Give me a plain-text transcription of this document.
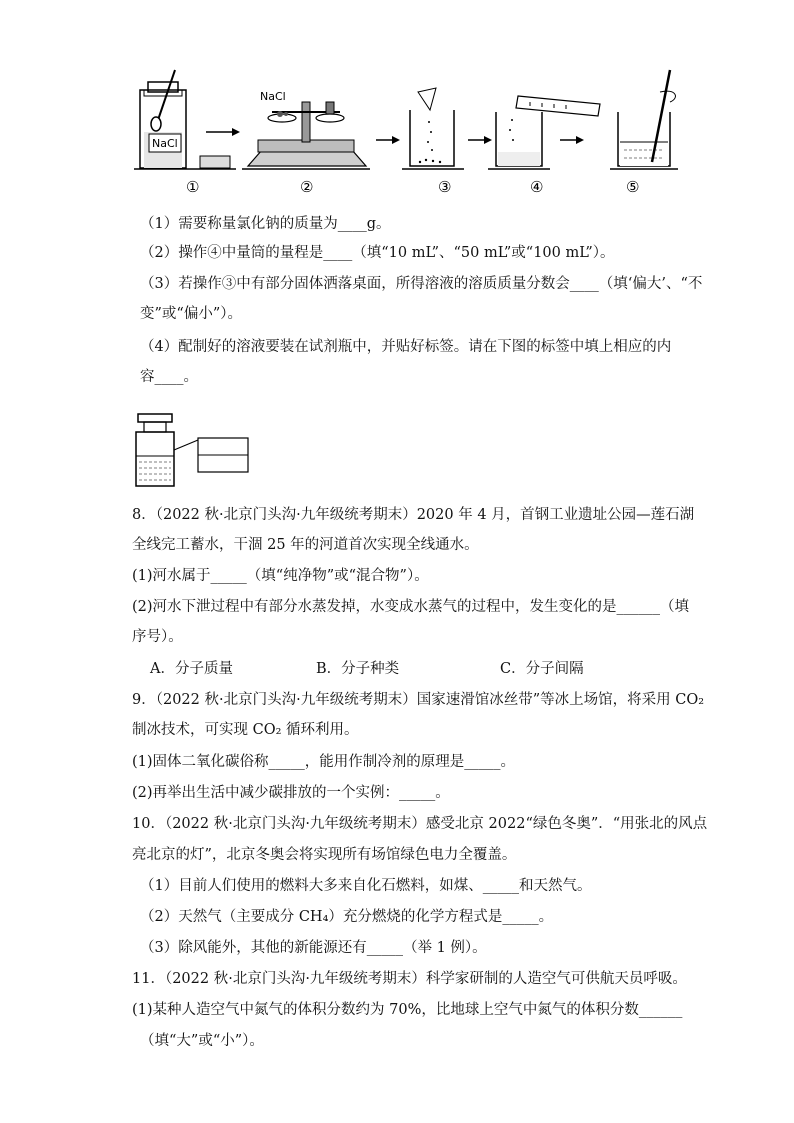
NaCl
NaCl
①	②	③	④	⑤
（1）需要称量氯化钠的质量为____g。
（2）操作④中量筒的量程是____（填“10 mL”、“50 mL”或“100 mL”）。
（3）若操作③中有部分固体洒落桌面，所得溶液的溶质质量分数会____（填‘偏大’、“不
变”或“偏小”）。
（4）配制好的溶液要装在试剂瓶中，并贴好标签。请在下图的标签中填上相应的内
容____。
8．（2022 秋·北京门头沟·九年级统考期末）2020 年 4 月，首钢工业遗址公园—莲石湖
全线完工蓄水，干涸 25 年的河道首次实现全线通水。
(1)河水属于_____（填“纯净物”或“混合物”）。
(2)河水下泄过程中有部分水蒸发掉，水变成水蒸气的过程中，发生变化的是______（填
序号）。
A．分子质量	B．分子种类	C．分子间隔
9．（2022 秋·北京门头沟·九年级统考期末）国家速滑馆冰丝带”等冰上场馆，将采用 CO₂
制冰技术，可实现 CO₂ 循环利用。
(1)固体二氧化碳俗称_____，能用作制冷剂的原理是_____。
(2)再举出生活中减少碳排放的一个实例：_____。
10．（2022 秋·北京门头沟·九年级统考期末）感受北京 2022“绿色冬奥”．“用张北的风点
亮北京的灯”，北京冬奥会将实现所有场馆绿色电力全覆盖。
（1）目前人们使用的燃料大多来自化石燃料，如煤、_____和天然气。
（2）天然气（主要成分 CH₄）充分燃烧的化学方程式是_____。
（3）除风能外，其他的新能源还有_____（举 1 例）。
11．（2022 秋·北京门头沟·九年级统考期末）科学家研制的人造空气可供航天员呼吸。
(1)某种人造空气中氮气的体积分数约为 70%，比地球上空气中氮气的体积分数______
（填“大”或“小”）。
